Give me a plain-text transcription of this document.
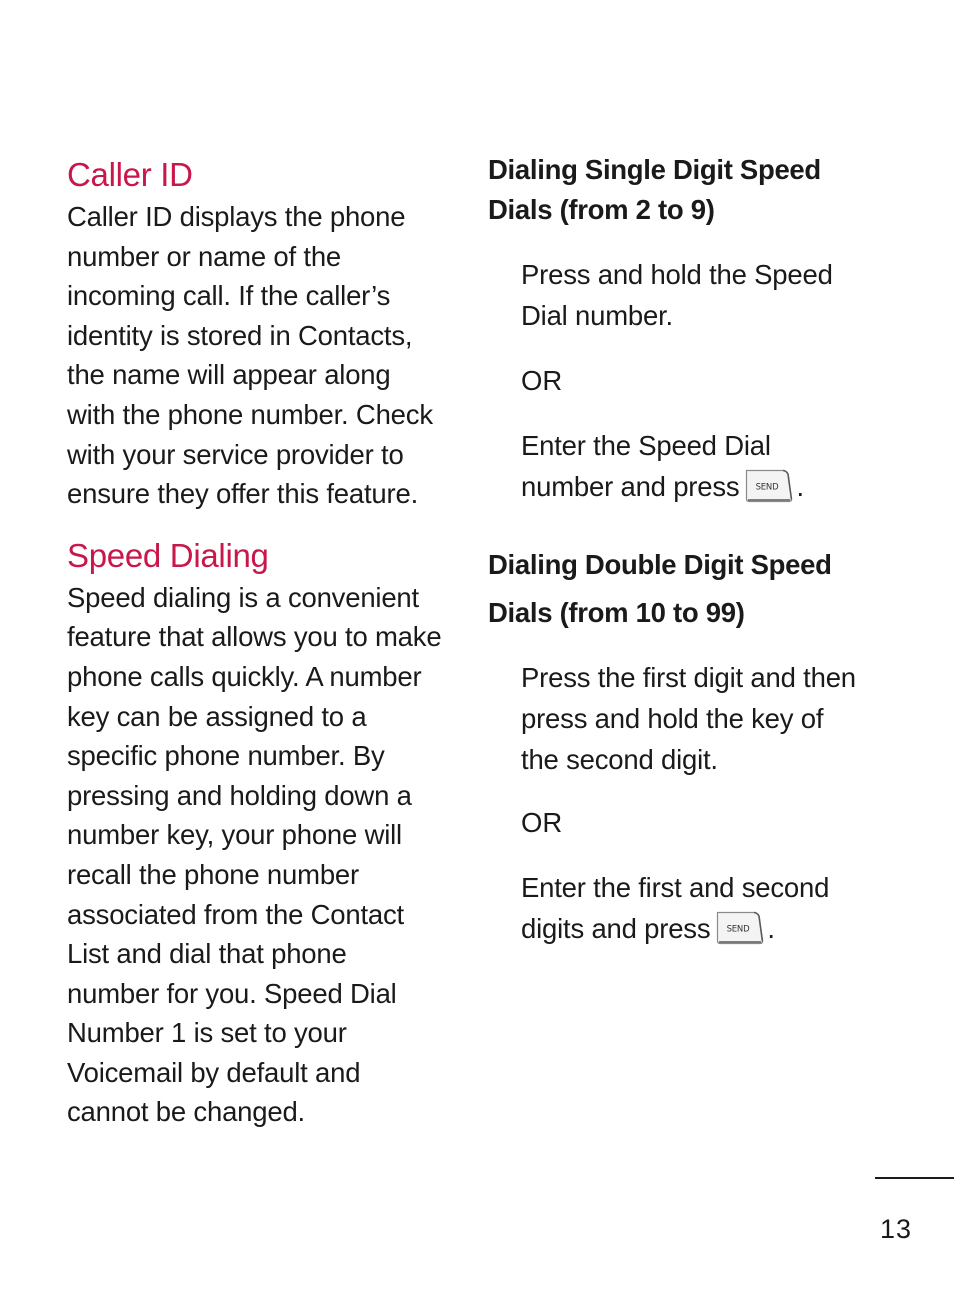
Caller ID

Caller ID displays the phone
number or name of the
incoming call. If the caller’s
identity is stored in Contacts,
the name will appear along
with the phone number. Check
with your service provider to
ensure they offer this feature.

Speed Dialing

Speed dialing is a convenient
feature that allows you to make
phone calls quickly. A number
key can be assigned to a
specific phone number. By
pressing and holding down a
number key, your phone will
recall the phone number
associated from the Contact
List and dial that phone
number for you. Speed Dial
Number 1 is set to your
Voicemail by default and
cannot be changed.

Dialing Single Digit Speed
Dials (from 2 to 9)

Press and hold the Speed
Dial number.

OR

Enter the Speed Dial
number and press SEND .

Dialing Double Digit Speed
Dials (from 10 to 99)

Press the first digit and then
press and hold the key of
the second digit.

OR

Enter the first and second
digits and press SEND .

13
